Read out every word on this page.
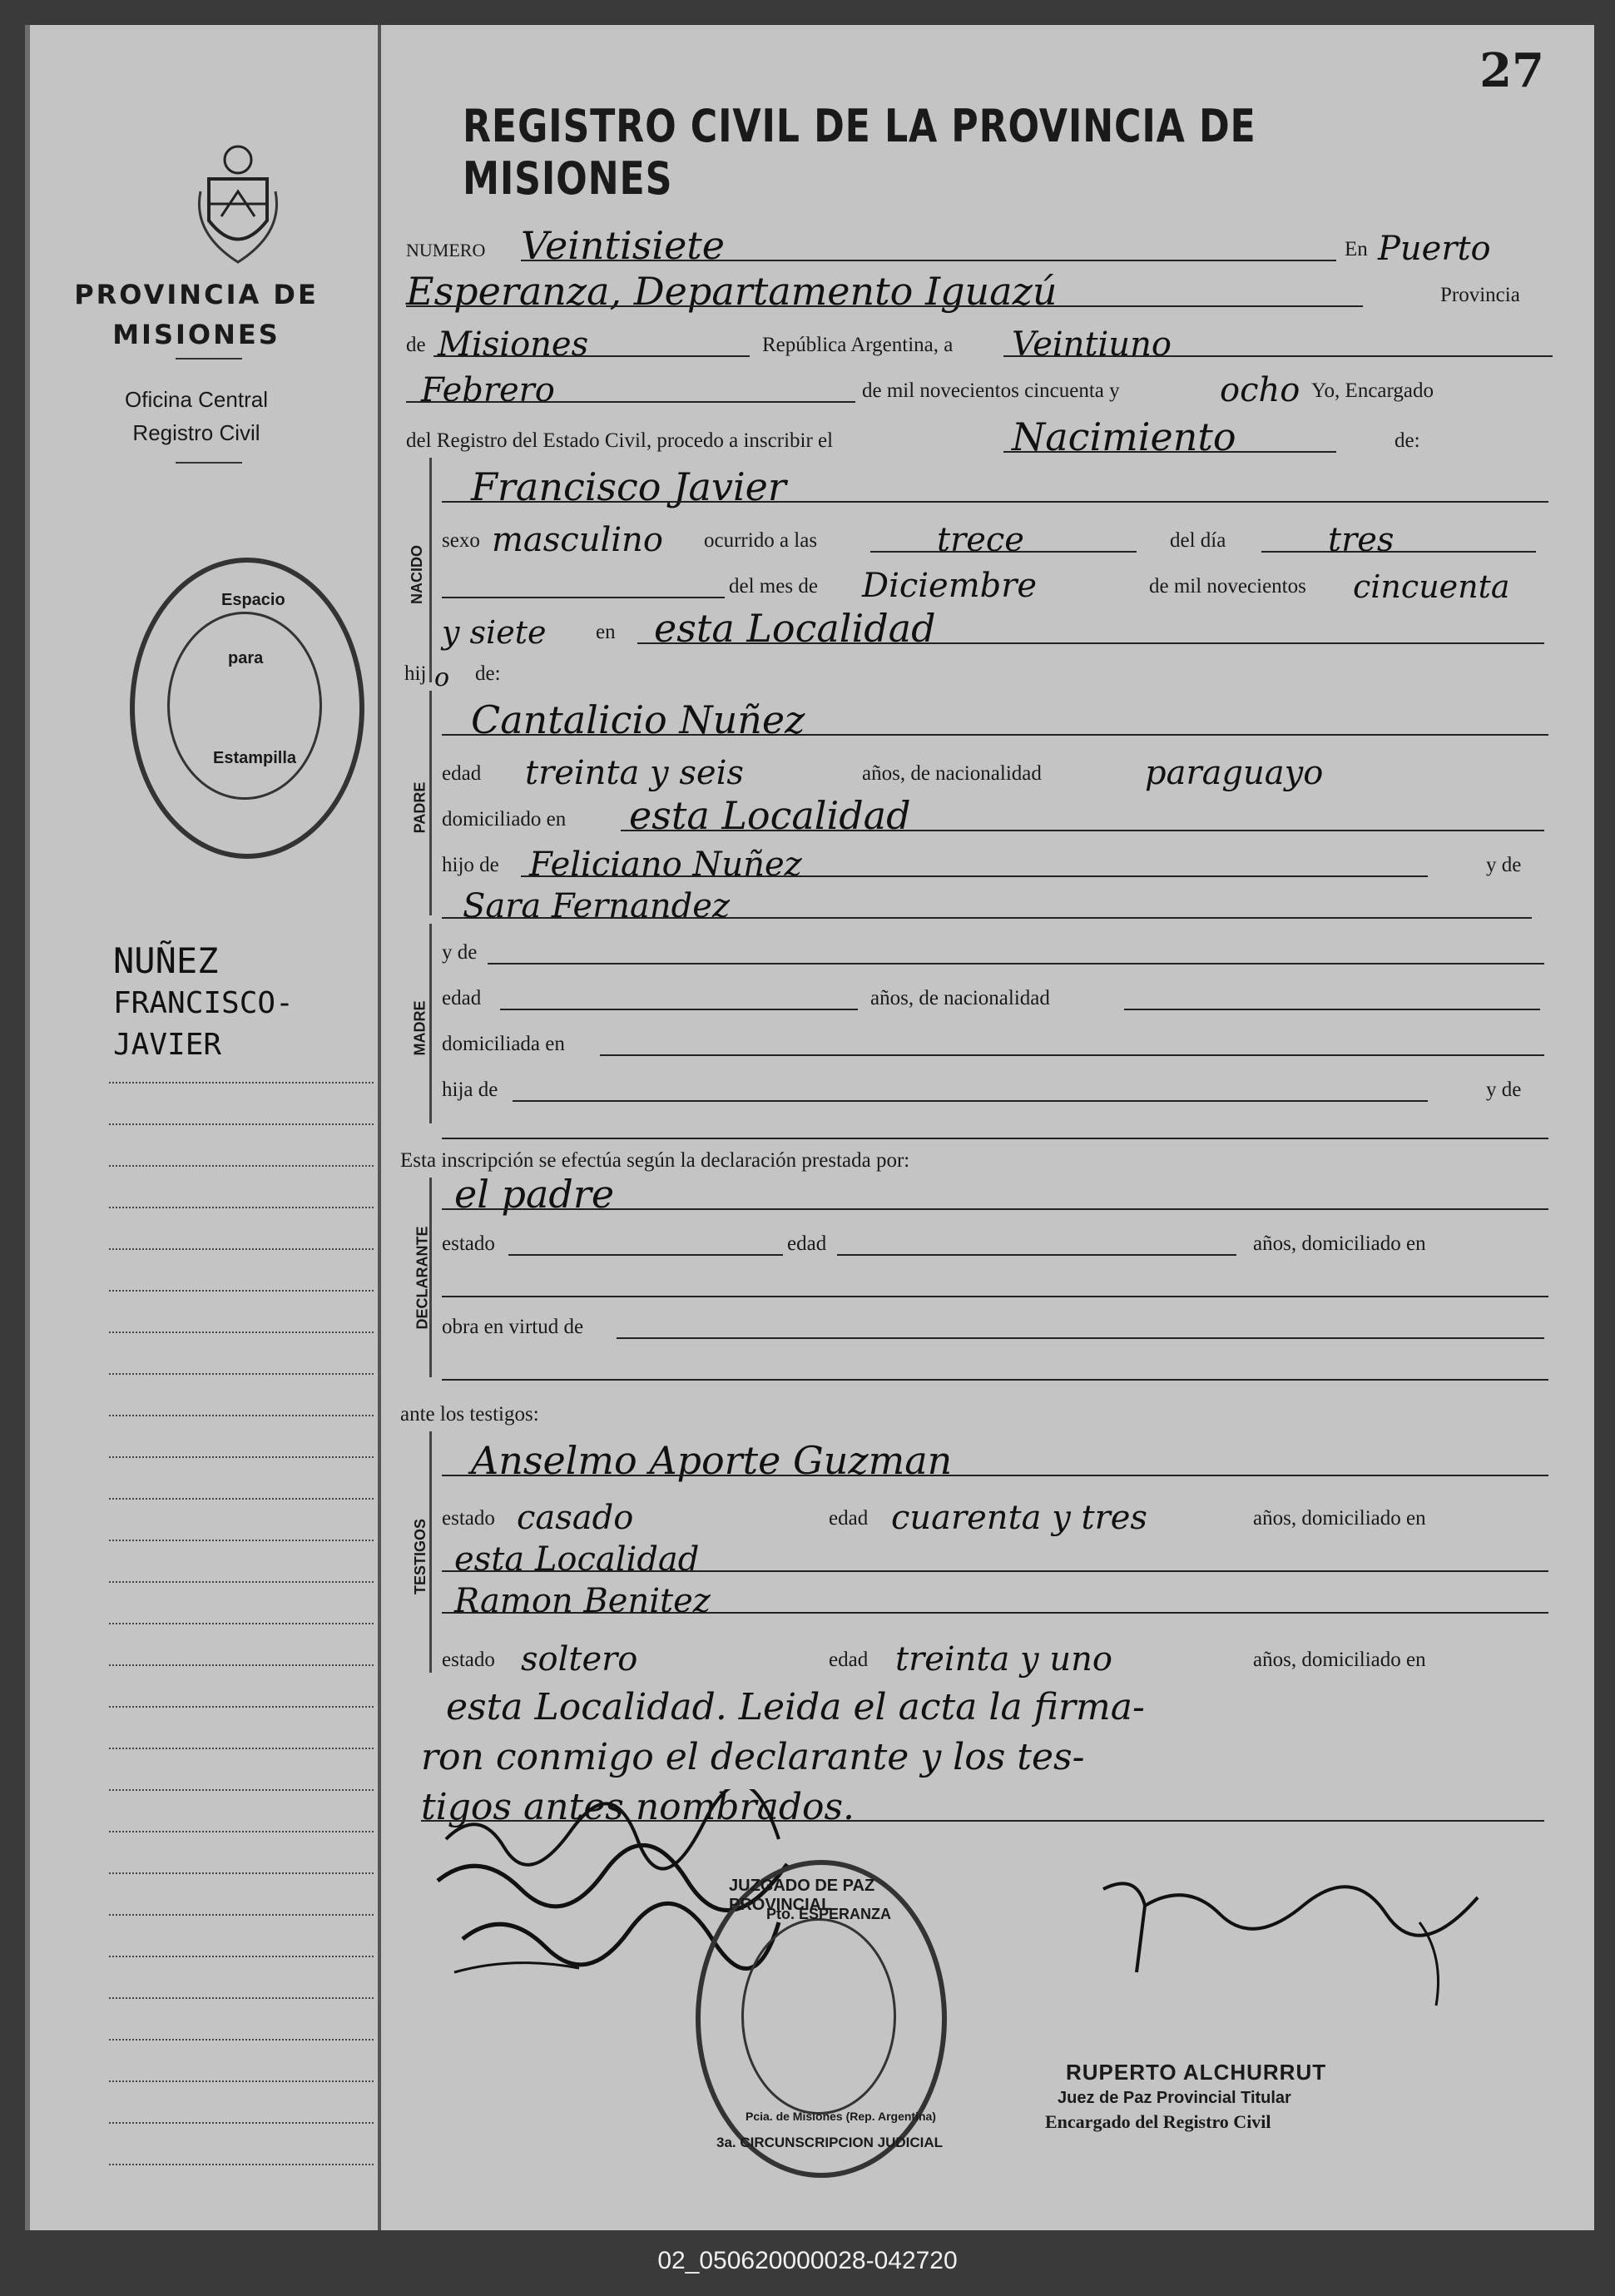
PROVINCIA DE
MISIONES
Oficina Central
Registro Civil
Espacio
para
Estampilla
NUÑEZ
FRANCISCO-
JAVIER
27
REGISTRO CIVIL DE LA PROVINCIA DE MISIONES
NUMERO Veintisiete	En Puerto
Esperanza, Departamento Iguazú	Provincia
de Misiones	República Argentina, a Veintiuno
Febrero	de mil novecientos cincuenta y	ocho Yo, Encargado
del Registro del Estado Civil, procedo a inscribir el	Nacimiento	de:
NACIDO
Francisco Javier
sexo masculino ocurrido a las	trece	del día	tres
del mes de Diciembre	de mil novecientos cincuenta
y siete en esta Localidad
hij o de:
PADRE
Cantalicio Nuñez
edad treinta y seis	años, de nacionalidad	paraguayo
domiciliado en esta Localidad
hijo de Feliciano Nuñez	y de
Sara Fernandez
MADRE
y de
edad	años, de nacionalidad
domiciliada en
hija de	y de
Esta inscripción se efectúa según la declaración prestada por:
DECLARANTE
el padre
estado	edad	años, domiciliado en
obra en virtud de
ante los testigos:
TESTIGOS
Anselmo Aporte Guzman
estado casado	edad cuarenta y tres	años, domiciliado en
esta Localidad
Ramon Benitez
estado soltero	edad treinta y uno	años, domiciliado en
esta Localidad. Leida el acta la firma-
ron conmigo el declarante y los tes-
tigos antes nombrados.
JUZGADO DE PAZ PROVINCIAL
Pto. ESPERANZA
Pcia. de Misiones (Rep. Argentina)
3a. CIRCUNSCRIPCION JUDICIAL
RUPERTO ALCHURRUT
Juez de Paz Provincial Titular
Encargado del Registro Civil
02_050620000028-042720
